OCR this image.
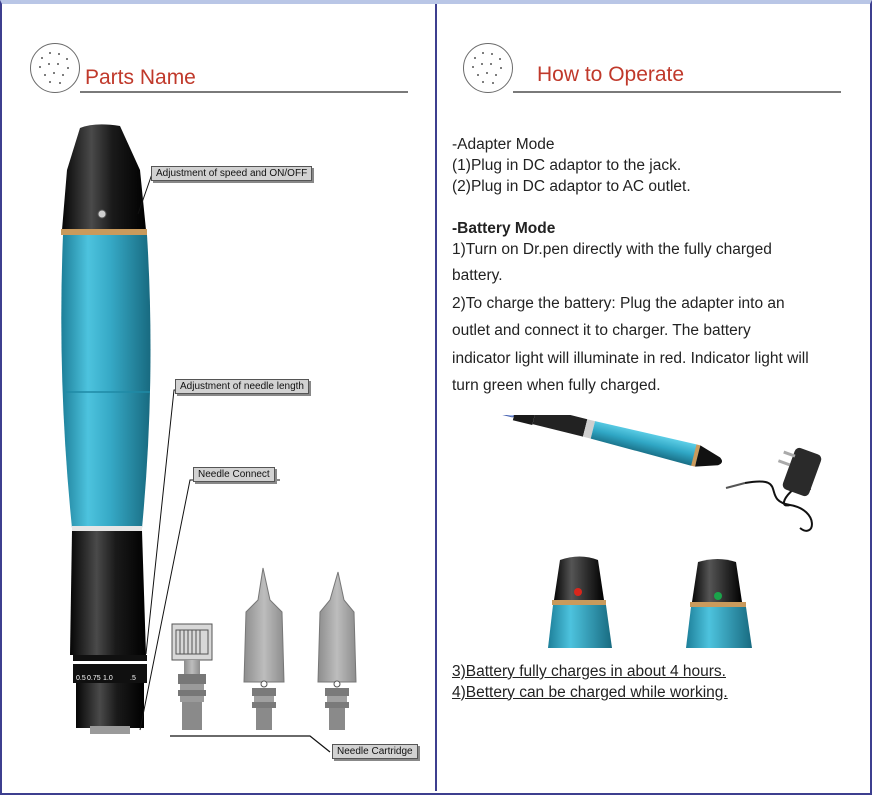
Parts Name
1.0
0.75
0.5	.5
Adjustment of speed and ON/OFF
Adjustment of needle length
Needle Connect
Needle Cartridge
How to Operate

-Adapter Mode

(1)Plug in DC adaptor to the jack.

(2)Plug in DC adaptor to AC outlet.

-Battery Mode

1)Turn on Dr.pen directly with the fully charged

battery.

2)To charge the battery: Plug the adapter into an

outlet and connect it to charger. The battery

indicator light will illuminate in red. Indicator light will

turn green when fully charged.

3)Battery fully charges in about 4 hours.

4)Bettery can be charged while working.
